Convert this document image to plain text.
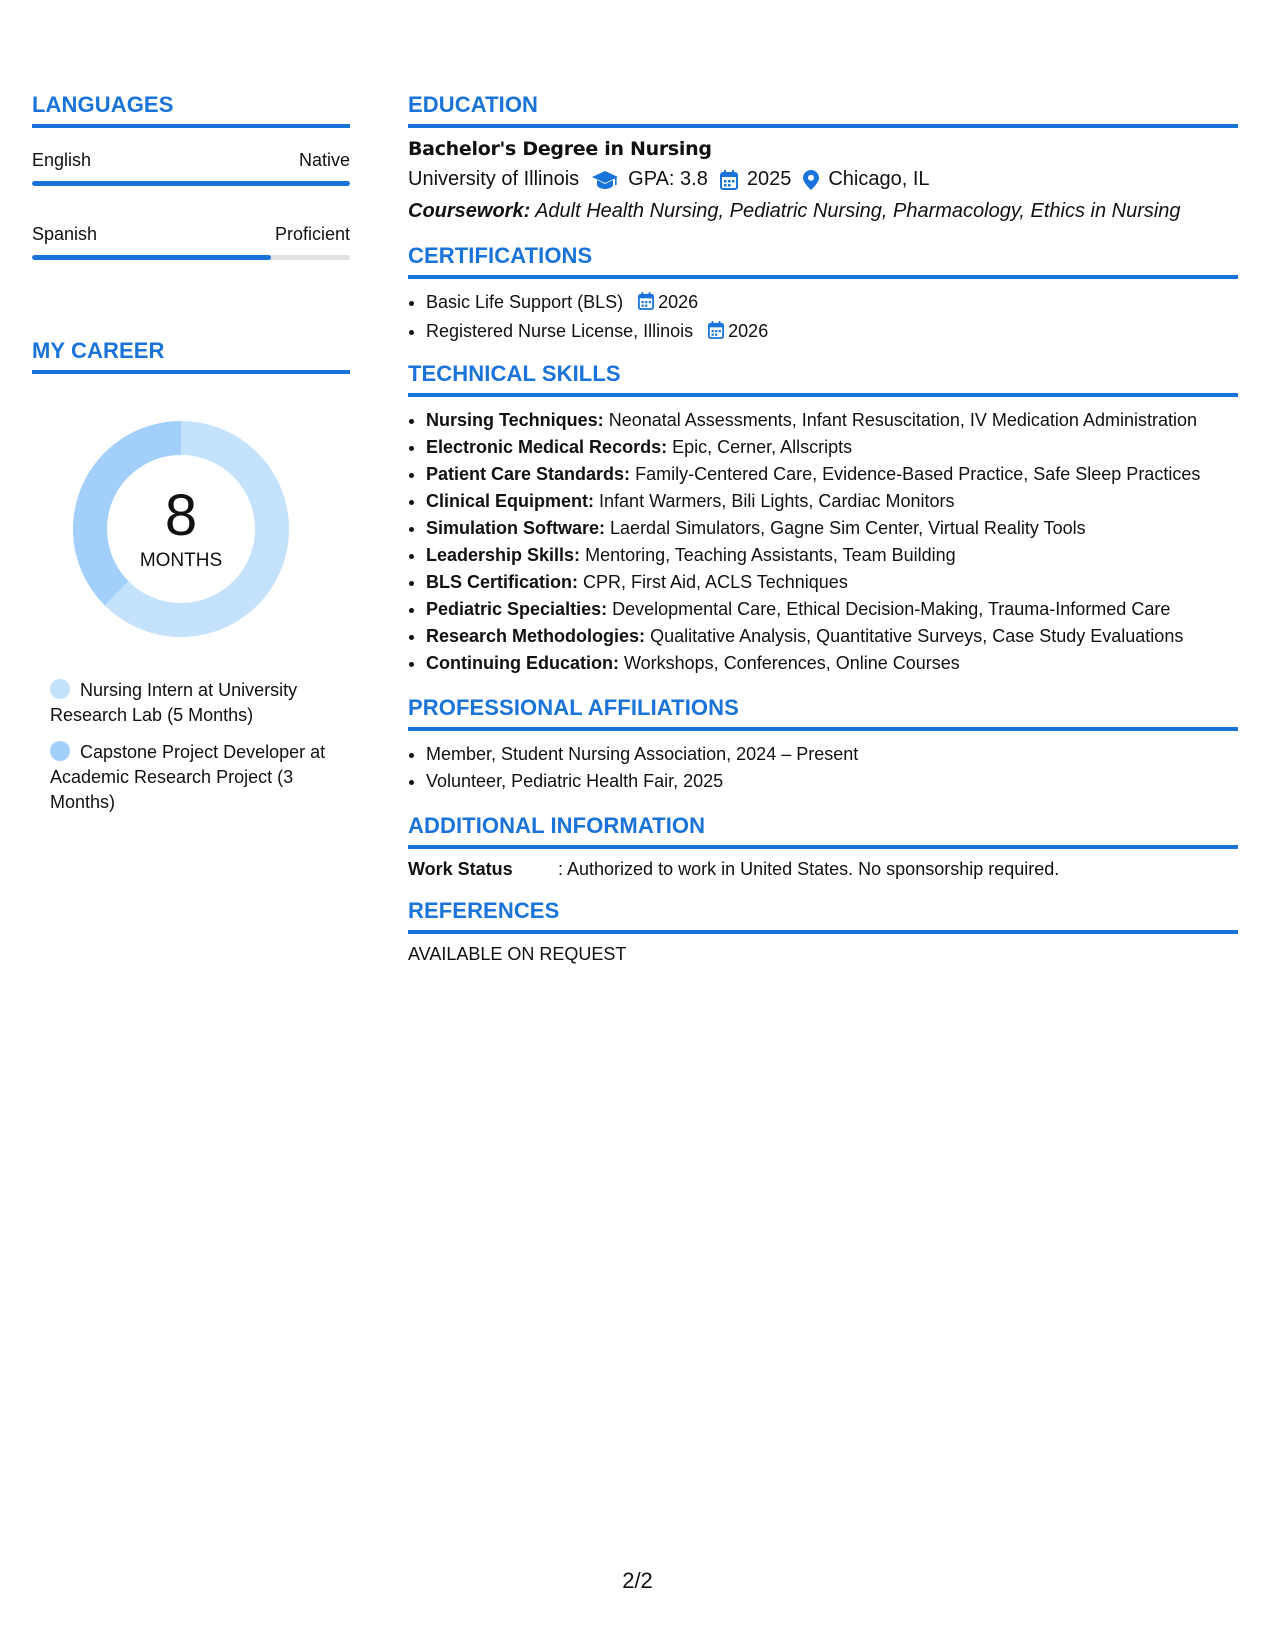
LANGUAGES
English	Native
Spanish	Proficient
MY CAREER
8
MONTHS
Nursing Intern at University Research Lab (5 Months)
Capstone Project Developer at Academic Research Project (3 Months)
EDUCATION
Bachelor's Degree in Nursing
University of Illinois GPA: 3.8 2025 Chicago, IL
Coursework: Adult Health Nursing, Pediatric Nursing, Pharmacology, Ethics in Nursing
CERTIFICATIONS
• Basic Life Support (BLS) 2026
• Registered Nurse License, Illinois 2026
TECHNICAL SKILLS
• Nursing Techniques: Neonatal Assessments, Infant Resuscitation, IV Medication Administration
• Electronic Medical Records: Epic, Cerner, Allscripts
• Patient Care Standards: Family-Centered Care, Evidence-Based Practice, Safe Sleep Practices
• Clinical Equipment: Infant Warmers, Bili Lights, Cardiac Monitors
• Simulation Software: Laerdal Simulators, Gagne Sim Center, Virtual Reality Tools
• Leadership Skills: Mentoring, Teaching Assistants, Team Building
• BLS Certification: CPR, First Aid, ACLS Techniques
• Pediatric Specialties: Developmental Care, Ethical Decision-Making, Trauma-Informed Care
• Research Methodologies: Qualitative Analysis, Quantitative Surveys, Case Study Evaluations
• Continuing Education: Workshops, Conferences, Online Courses
PROFESSIONAL AFFILIATIONS
• Member, Student Nursing Association, 2024 – Present
• Volunteer, Pediatric Health Fair, 2025
ADDITIONAL INFORMATION
Work Status	: Authorized to work in United States. No sponsorship required.
REFERENCES
AVAILABLE ON REQUEST
2/2
